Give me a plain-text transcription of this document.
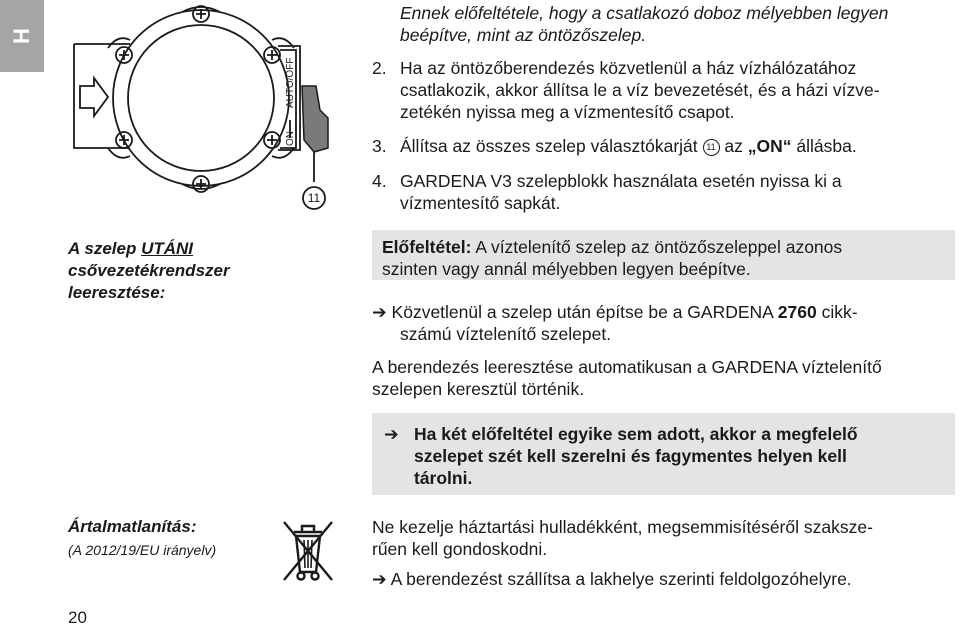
H
AUTO/OFF
ON
11
Ennek előfeltétele, hogy a csatlakozó doboz mélyebben legyen
beépítve, mint az öntözőszelep.
2. Ha az öntözőberendezés közvetlenül a ház vízhálózatához
csatlakozik, akkor állítsa le a víz bevezetését, és a házi vízve-
zetékén nyissa meg a vízmentesítő csapot.
3. Állítsa az összes szelep választókarját 11 az „ON“ állásba.
4. GARDENA V3 szelepblokk használata esetén nyissa ki a
vízmentesítő sapkát.
A szelep UTÁNI
csővezetékrendszer
leeresztése:
Előfeltétel: A víztelenítő szelep az öntözőszeleppel azonos
szinten vagy annál mélyebben legyen beépítve.
➔ Közvetlenül a szelep után építse be a GARDENA 2760 cikk-
számú víztelenítő szelepet.
A berendezés leeresztése automatikusan a GARDENA víztelenítő
szelepen keresztül történik.
➔ Ha két előfeltétel egyike sem adott, akkor a megfelelő
szelepet szét kell szerelni és fagymentes helyen kell
tárolni.
Ártalmatlanítás:
(A 2012/19/EU irányelv)
Ne kezelje háztartási hulladékként, megsemmisítéséről szaksze-
rűen kell gondoskodni.
➔ A berendezést szállítsa a lakhelye szerinti feldolgozóhelyre.
20
